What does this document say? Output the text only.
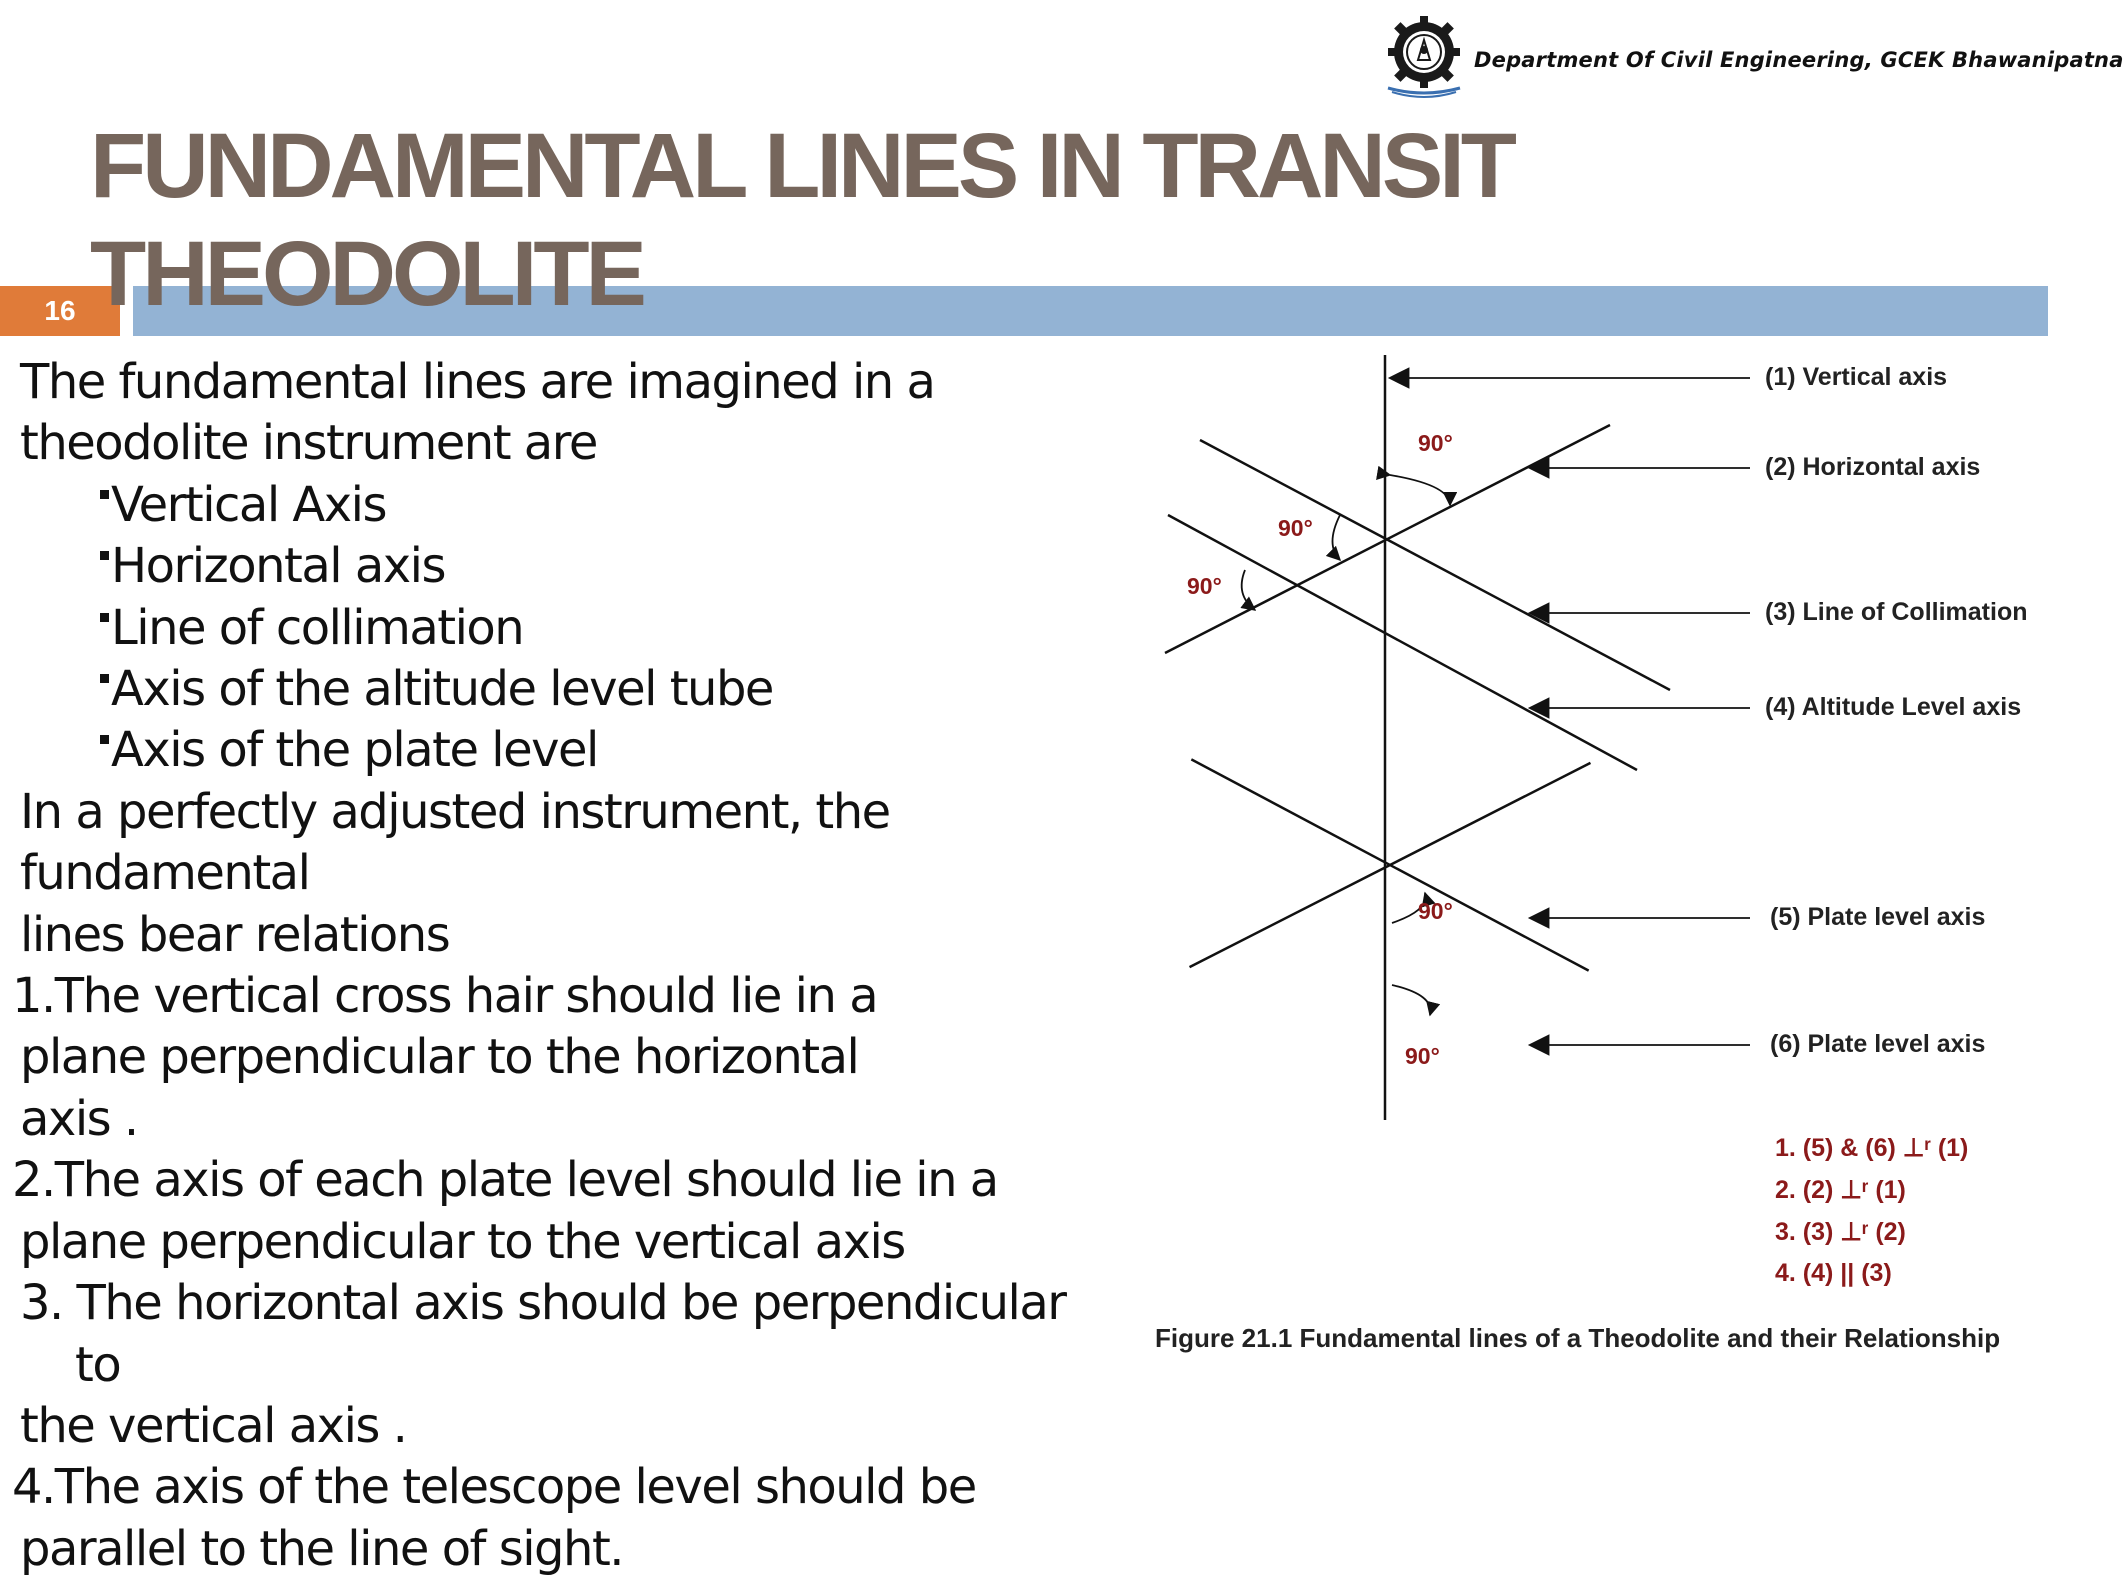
Department Of Civil Engineering, GCEK Bhawanipatna
FUNDAMENTAL LINES IN TRANSIT
THEODOLITE
16
The fundamental lines are imagined in a
theodolite instrument are
Vertical Axis
Horizontal axis
Line of collimation
Axis of the altitude level tube
Axis of the plate level
In a perfectly adjusted instrument, the
fundamental
lines bear relations
1.The vertical cross hair should lie in a
plane perpendicular to the horizontal
axis .
2.The axis of each plate level should lie in a
plane perpendicular to the vertical axis
3. The horizontal axis should be perpendicular
to
the vertical axis .
4.The axis of the telescope level should be
parallel to the line of sight.
(1) Vertical axis
(2) Horizontal axis
(3) Line of Collimation
(4) Altitude Level axis
(5) Plate level axis
(6) Plate level axis
90°
90°
90°
90°
90°
1. (5) & (6) ⊥ʳ (1)
2. (2) ⊥ʳ (1)
3. (3) ⊥ʳ (2)
4. (4) || (3)
Figure 21.1 Fundamental lines of a Theodolite and their Relationship
